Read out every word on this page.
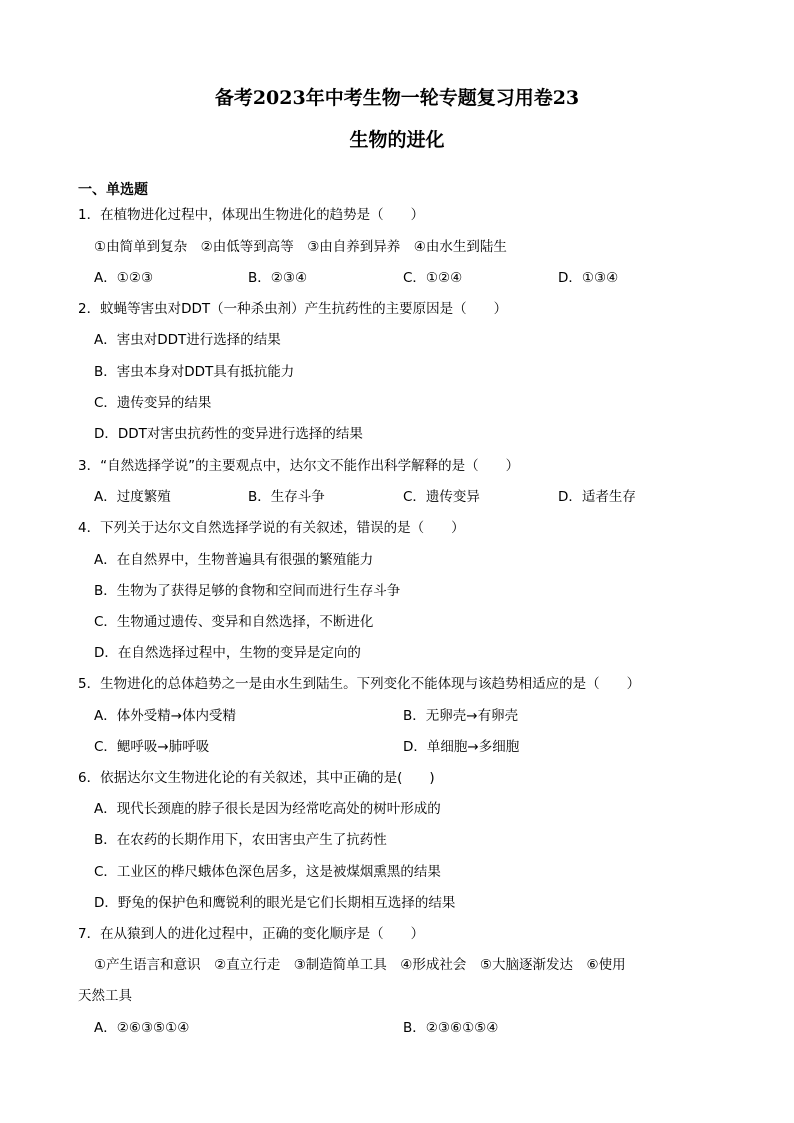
备考2023年中考生物一轮专题复习用卷23
生物的进化
一、单选题
1．在植物进化过程中，体现出生物进化的趋势是（　　）
①由简单到复杂　②由低等到高等　③由自养到异养　④由水生到陆生
A．①②③	B．②③④	C．①②④	D．①③④
2．蚊蝇等害虫对DDT（一种杀虫剂）产生抗药性的主要原因是（　　）
A．害虫对DDT进行选择的结果
B．害虫本身对DDT具有抵抗能力
C．遗传变异的结果
D．DDT对害虫抗药性的变异进行选择的结果
3．“自然选择学说”的主要观点中，达尔文不能作出科学解释的是（　　）
A．过度繁殖	B．生存斗争	C．遗传变异	D．适者生存
4．下列关于达尔文自然选择学说的有关叙述，错误的是（　　）
A．在自然界中，生物普遍具有很强的繁殖能力
B．生物为了获得足够的食物和空间而进行生存斗争
C．生物通过遗传、变异和自然选择，不断进化
D．在自然选择过程中，生物的变异是定向的
5．生物进化的总体趋势之一是由水生到陆生。下列变化不能体现与该趋势相适应的是（　　）
A．体外受精→体内受精	B．无卵壳→有卵壳
C．鳃呼吸→肺呼吸	D．单细胞→多细胞
6．依据达尔文生物进化论的有关叙述，其中正确的是(　　)
A．现代长颈鹿的脖子很长是因为经常吃高处的树叶形成的
B．在农药的长期作用下，农田害虫产生了抗药性
C．工业区的桦尺蛾体色深色居多，这是被煤烟熏黑的结果
D．野兔的保护色和鹰锐利的眼光是它们长期相互选择的结果
7．在从猿到人的进化过程中，正确的变化顺序是（　　）
①产生语言和意识　②直立行走　③制造简单工具　④形成社会　⑤大脑逐渐发达　⑥使用
天然工具
A．②⑥③⑤①④	B．②③⑥①⑤④
